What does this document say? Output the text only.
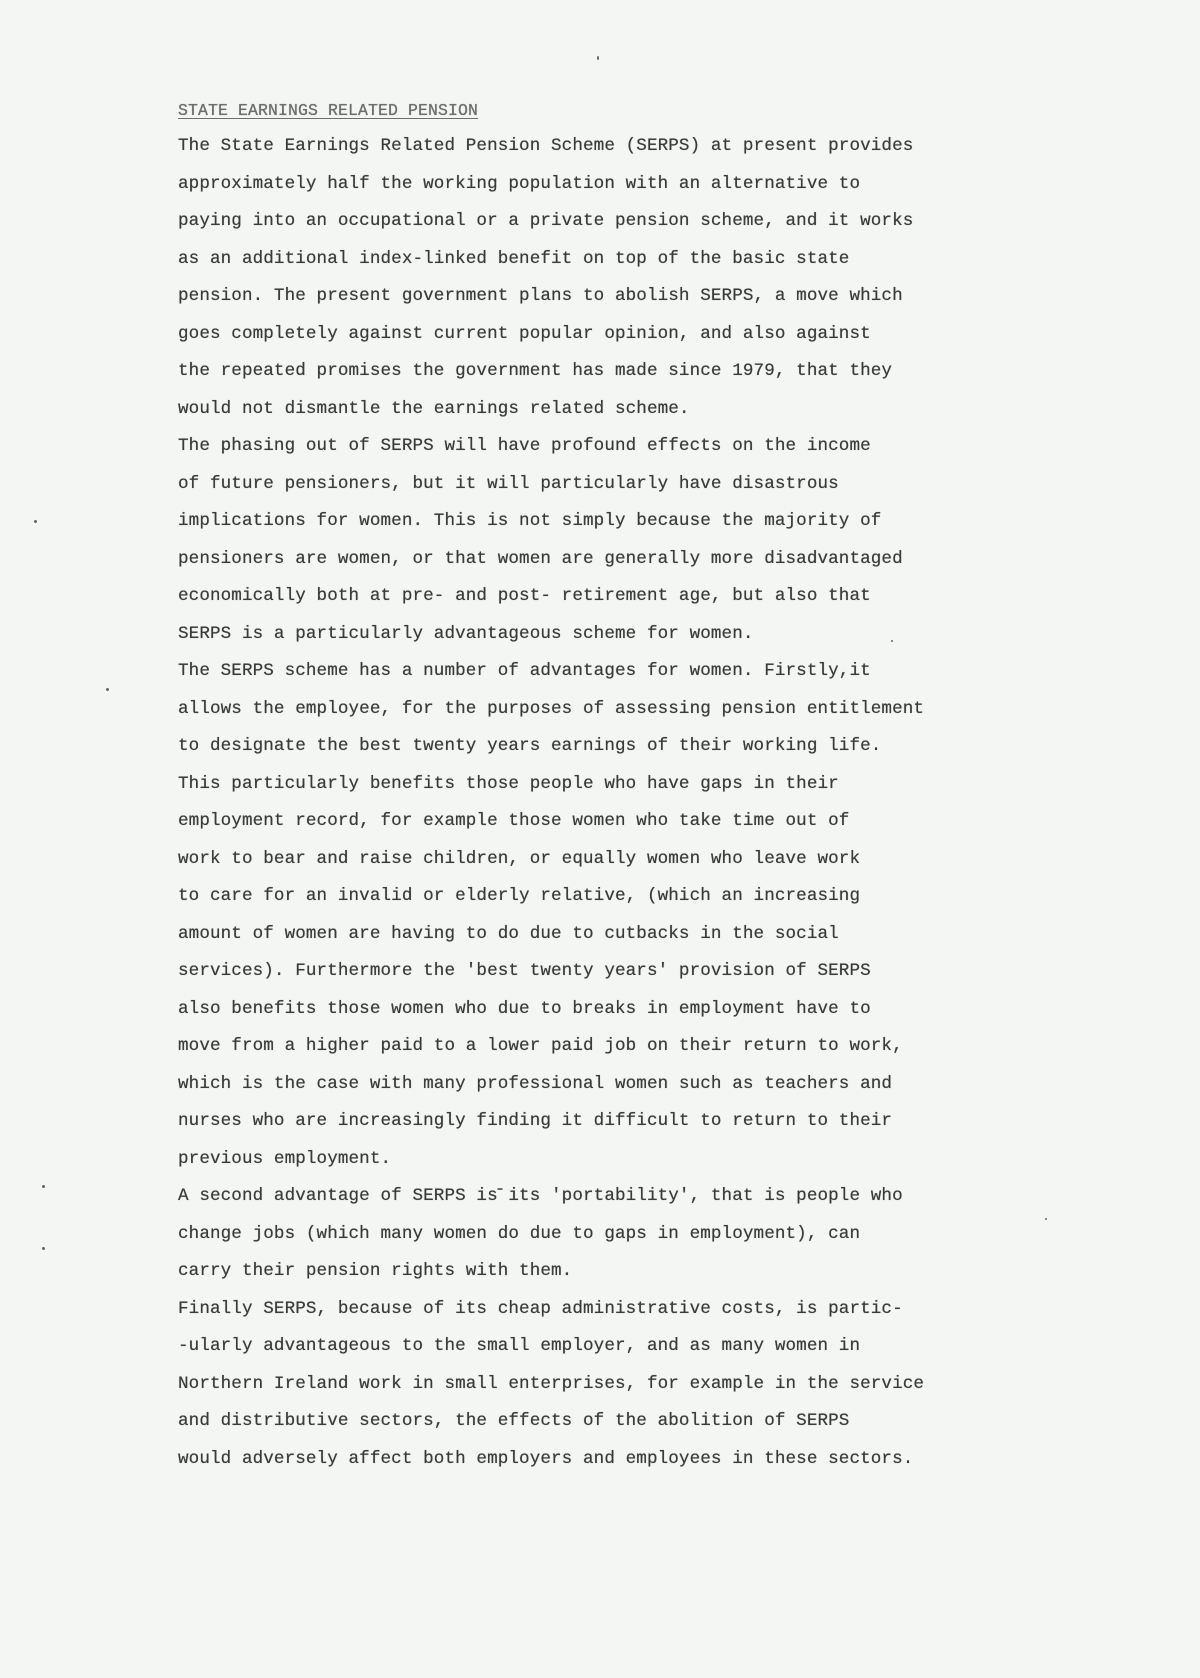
STATE EARNINGS RELATED PENSION
The State Earnings Related Pension Scheme (SERPS) at present provides
approximately half the working population with an alternative to
paying into an occupational or a private pension scheme, and it works
as an additional index-linked benefit on top of the basic state
pension. The present government plans to abolish SERPS, a move which
goes completely against current popular opinion, and also against
the repeated promises the government has made since 1979, that they
would not dismantle the earnings related scheme.
The phasing out of SERPS will have profound effects on the income
of future pensioners, but it will particularly have disastrous
implications for women. This is not simply because the majority of
pensioners are women, or that women are generally more disadvantaged
economically both at pre- and post- retirement age, but also that
SERPS is a particularly advantageous scheme for women.
The SERPS scheme has a number of advantages for women. Firstly,it
allows the employee, for the purposes of assessing pension entitlement
to designate the best twenty years earnings of their working life.
This particularly benefits those people who have gaps in their
employment record, for example those women who take time out of
work to bear and raise children, or equally women who leave work
to care for an invalid or elderly relative, (which an increasing
amount of women are having to do due to cutbacks in the social
services). Furthermore the 'best twenty years' provision of SERPS
also benefits those women who due to breaks in employment have to
move from a higher paid to a lower paid job on their return to work,
which is the case with many professional women such as teachers and
nurses who are increasingly finding it difficult to return to their
previous employment.
A second advantage of SERPS is its 'portability', that is people who
change jobs (which many women do due to gaps in employment), can
carry their pension rights with them.
Finally SERPS, because of its cheap administrative costs, is partic-
-ularly advantageous to the small employer, and as many women in
Northern Ireland work in small enterprises, for example in the service
and distributive sectors, the effects of the abolition of SERPS
would adversely affect both employers and employees in these sectors.
